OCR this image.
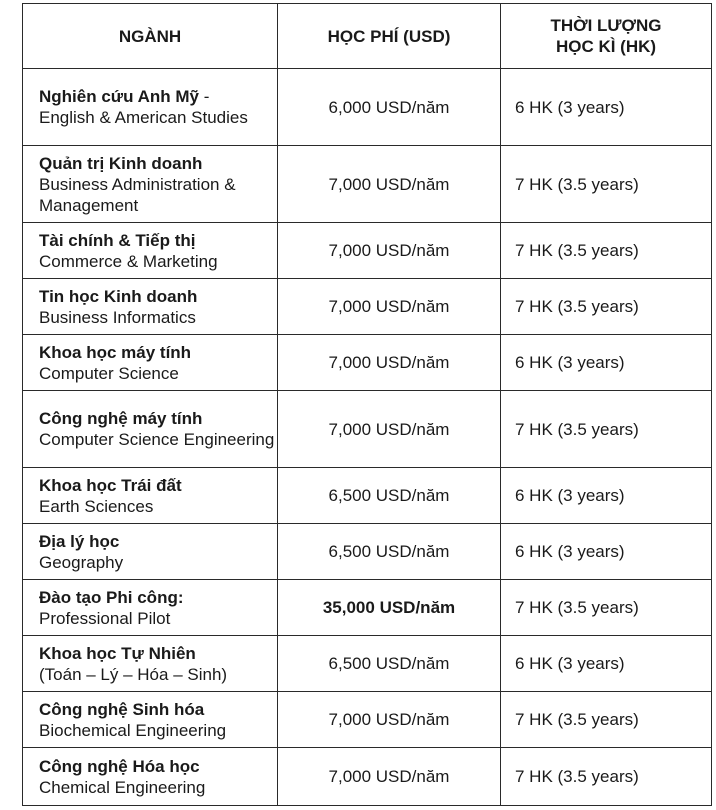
NGÀNH	HỌC PHÍ (USD)	THỜI LƯỢNG
HỌC KÌ (HK)

Nghiên cứu Anh Mỹ -
English & American Studies	6,000 USD/năm	6 HK (3 years)

Quản trị Kinh doanh
Business Administration & Management	7,000 USD/năm	7 HK (3.5 years)

Tài chính & Tiếp thị
Commerce & Marketing	7,000 USD/năm	7 HK (3.5 years)

Tin học Kinh doanh
Business Informatics	7,000 USD/năm	7 HK (3.5 years)

Khoa học máy tính
Computer Science	7,000 USD/năm	6 HK (3 years)

Công nghệ máy tính
Computer Science Engineering	7,000 USD/năm	7 HK (3.5 years)

Khoa học Trái đất
Earth Sciences	6,500 USD/năm	6 HK (3 years)

Địa lý học
Geography	6,500 USD/năm	6 HK (3 years)

Đào tạo Phi công:
Professional Pilot	35,000 USD/năm	7 HK (3.5 years)

Khoa học Tự Nhiên
(Toán – Lý – Hóa – Sinh)	6,500 USD/năm	6 HK (3 years)

Công nghệ Sinh hóa
Biochemical Engineering	7,000 USD/năm	7 HK (3.5 years)

Công nghệ Hóa học
Chemical Engineering	7,000 USD/năm	7 HK (3.5 years)
